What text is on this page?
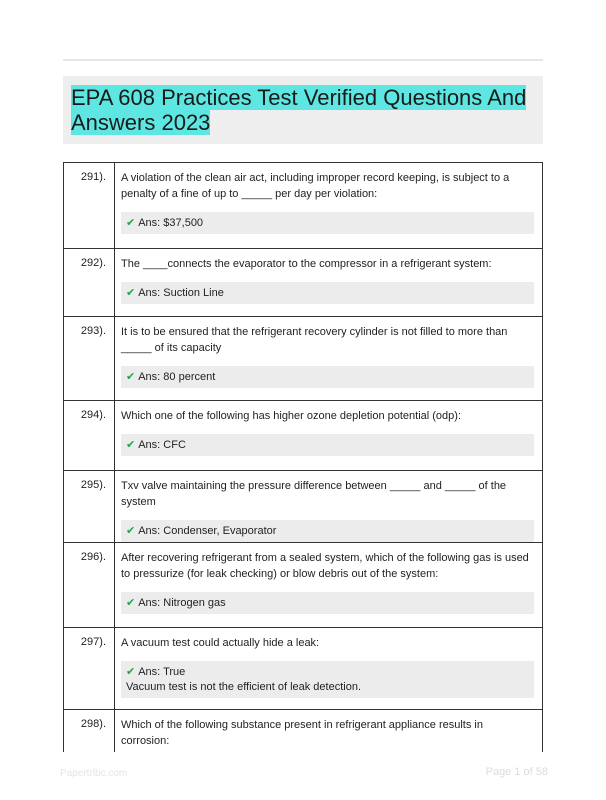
EPA 608 Practices Test Verified Questions And Answers 2023
291).	A violation of the clean air act, including improper record keeping, is subject to a penalty of a fine of up to _____ per day per violation:
✔ Ans: $37,500

292).	The ____connects the evaporator to the compressor in a refrigerant system:
✔ Ans: Suction Line

293).	It is to be ensured that the refrigerant recovery cylinder is not filled to more than _____ of its capacity
✔ Ans: 80 percent

294).	Which one of the following has higher ozone depletion potential (odp):
✔ Ans: CFC

295).	Txv valve maintaining the pressure difference between _____ and _____ of the system
✔ Ans: Condenser, Evaporator

296).	After recovering refrigerant from a sealed system, which of the following gas is used to pressurize (for leak checking) or blow debris out of the system:
✔ Ans: Nitrogen gas

297).	A vacuum test could actually hide a leak:
✔ Ans: True
Vacuum test is not the efficient of leak detection.

298).	Which of the following substance present in refrigerant appliance results in corrosion:
Papertrlbc.com	Page 1 of 58
